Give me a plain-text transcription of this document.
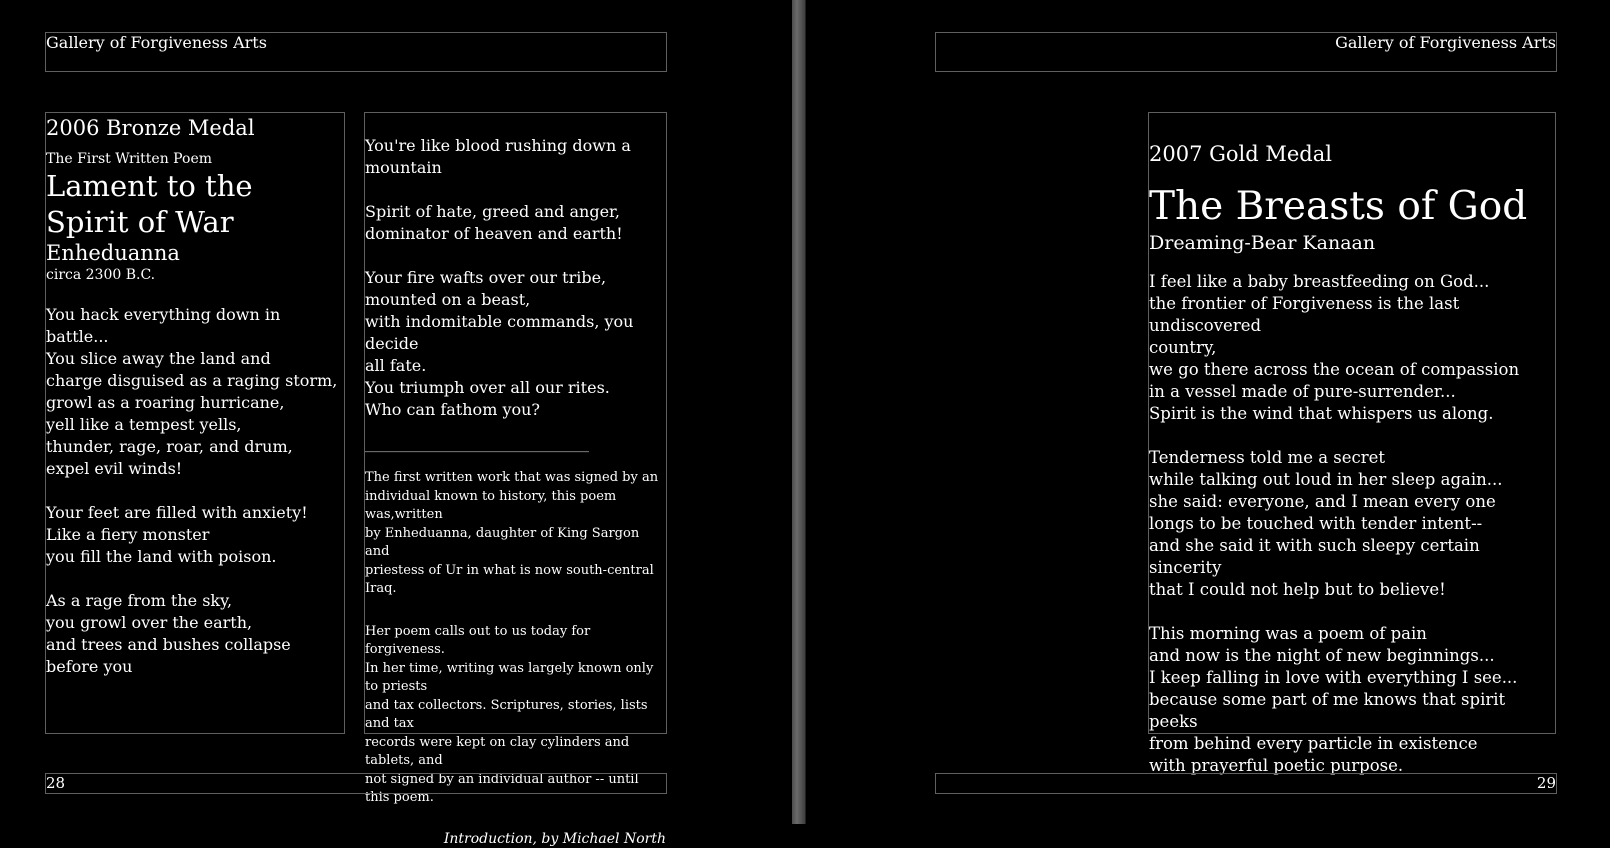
Gallery of Forgiveness Arts
2006 Bronze Medal
The First Written Poem
Lament to the Spirit of War
Enheduanna
circa 2300 B.C.
You hack everything down in battle...
You slice away the land and
charge disguised as a raging storm,
growl as a roaring hurricane,
yell like a tempest yells,
thunder, rage, roar, and drum,
expel evil winds!
Your feet are filled with anxiety!
Like a fiery monster
you fill the land with poison.
As a rage from the sky,
you growl over the earth,
and trees and bushes collapse before you
You're like blood rushing down a
mountain
Spirit of hate, greed and anger,
dominator of heaven and earth!
Your fire wafts over our tribe,
mounted on a beast,
with indomitable commands, you decide
all fate.
You triumph over all our rites.
Who can fathom you?
________________________________
The first written work that was signed by an
individual known to history, this poem was,written
by Enheduanna, daughter of King Sargon and
priestess of Ur in what is now south-central Iraq.
Her poem calls out to us today for forgiveness.
In her time, writing was largely known only to priests
and tax collectors. Scriptures, stories, lists and tax
records were kept on clay cylinders and tablets, and
not signed by an individual author -- until this poem.
Introduction, by Michael North
28
Gallery of Forgiveness Arts
2007 Gold Medal
The Breasts of God
Dreaming-Bear Kanaan
I feel like a baby breastfeeding on God...
the frontier of Forgiveness is the last undiscovered
country,
we go there across the ocean of compassion
in a vessel made of pure-surrender...
Spirit is the wind that whispers us along.
Tenderness told me a secret
while talking out loud in her sleep again...
she said: everyone, and I mean every one
longs to be touched with tender intent--
and she said it with such sleepy certain sincerity
that I could not help but to believe!
This morning was a poem of pain
and now is the night of new beginnings...
I keep falling in love with everything I see...
because some part of me knows that spirit peeks
from behind every particle in existence
with prayerful poetic purpose.
29
